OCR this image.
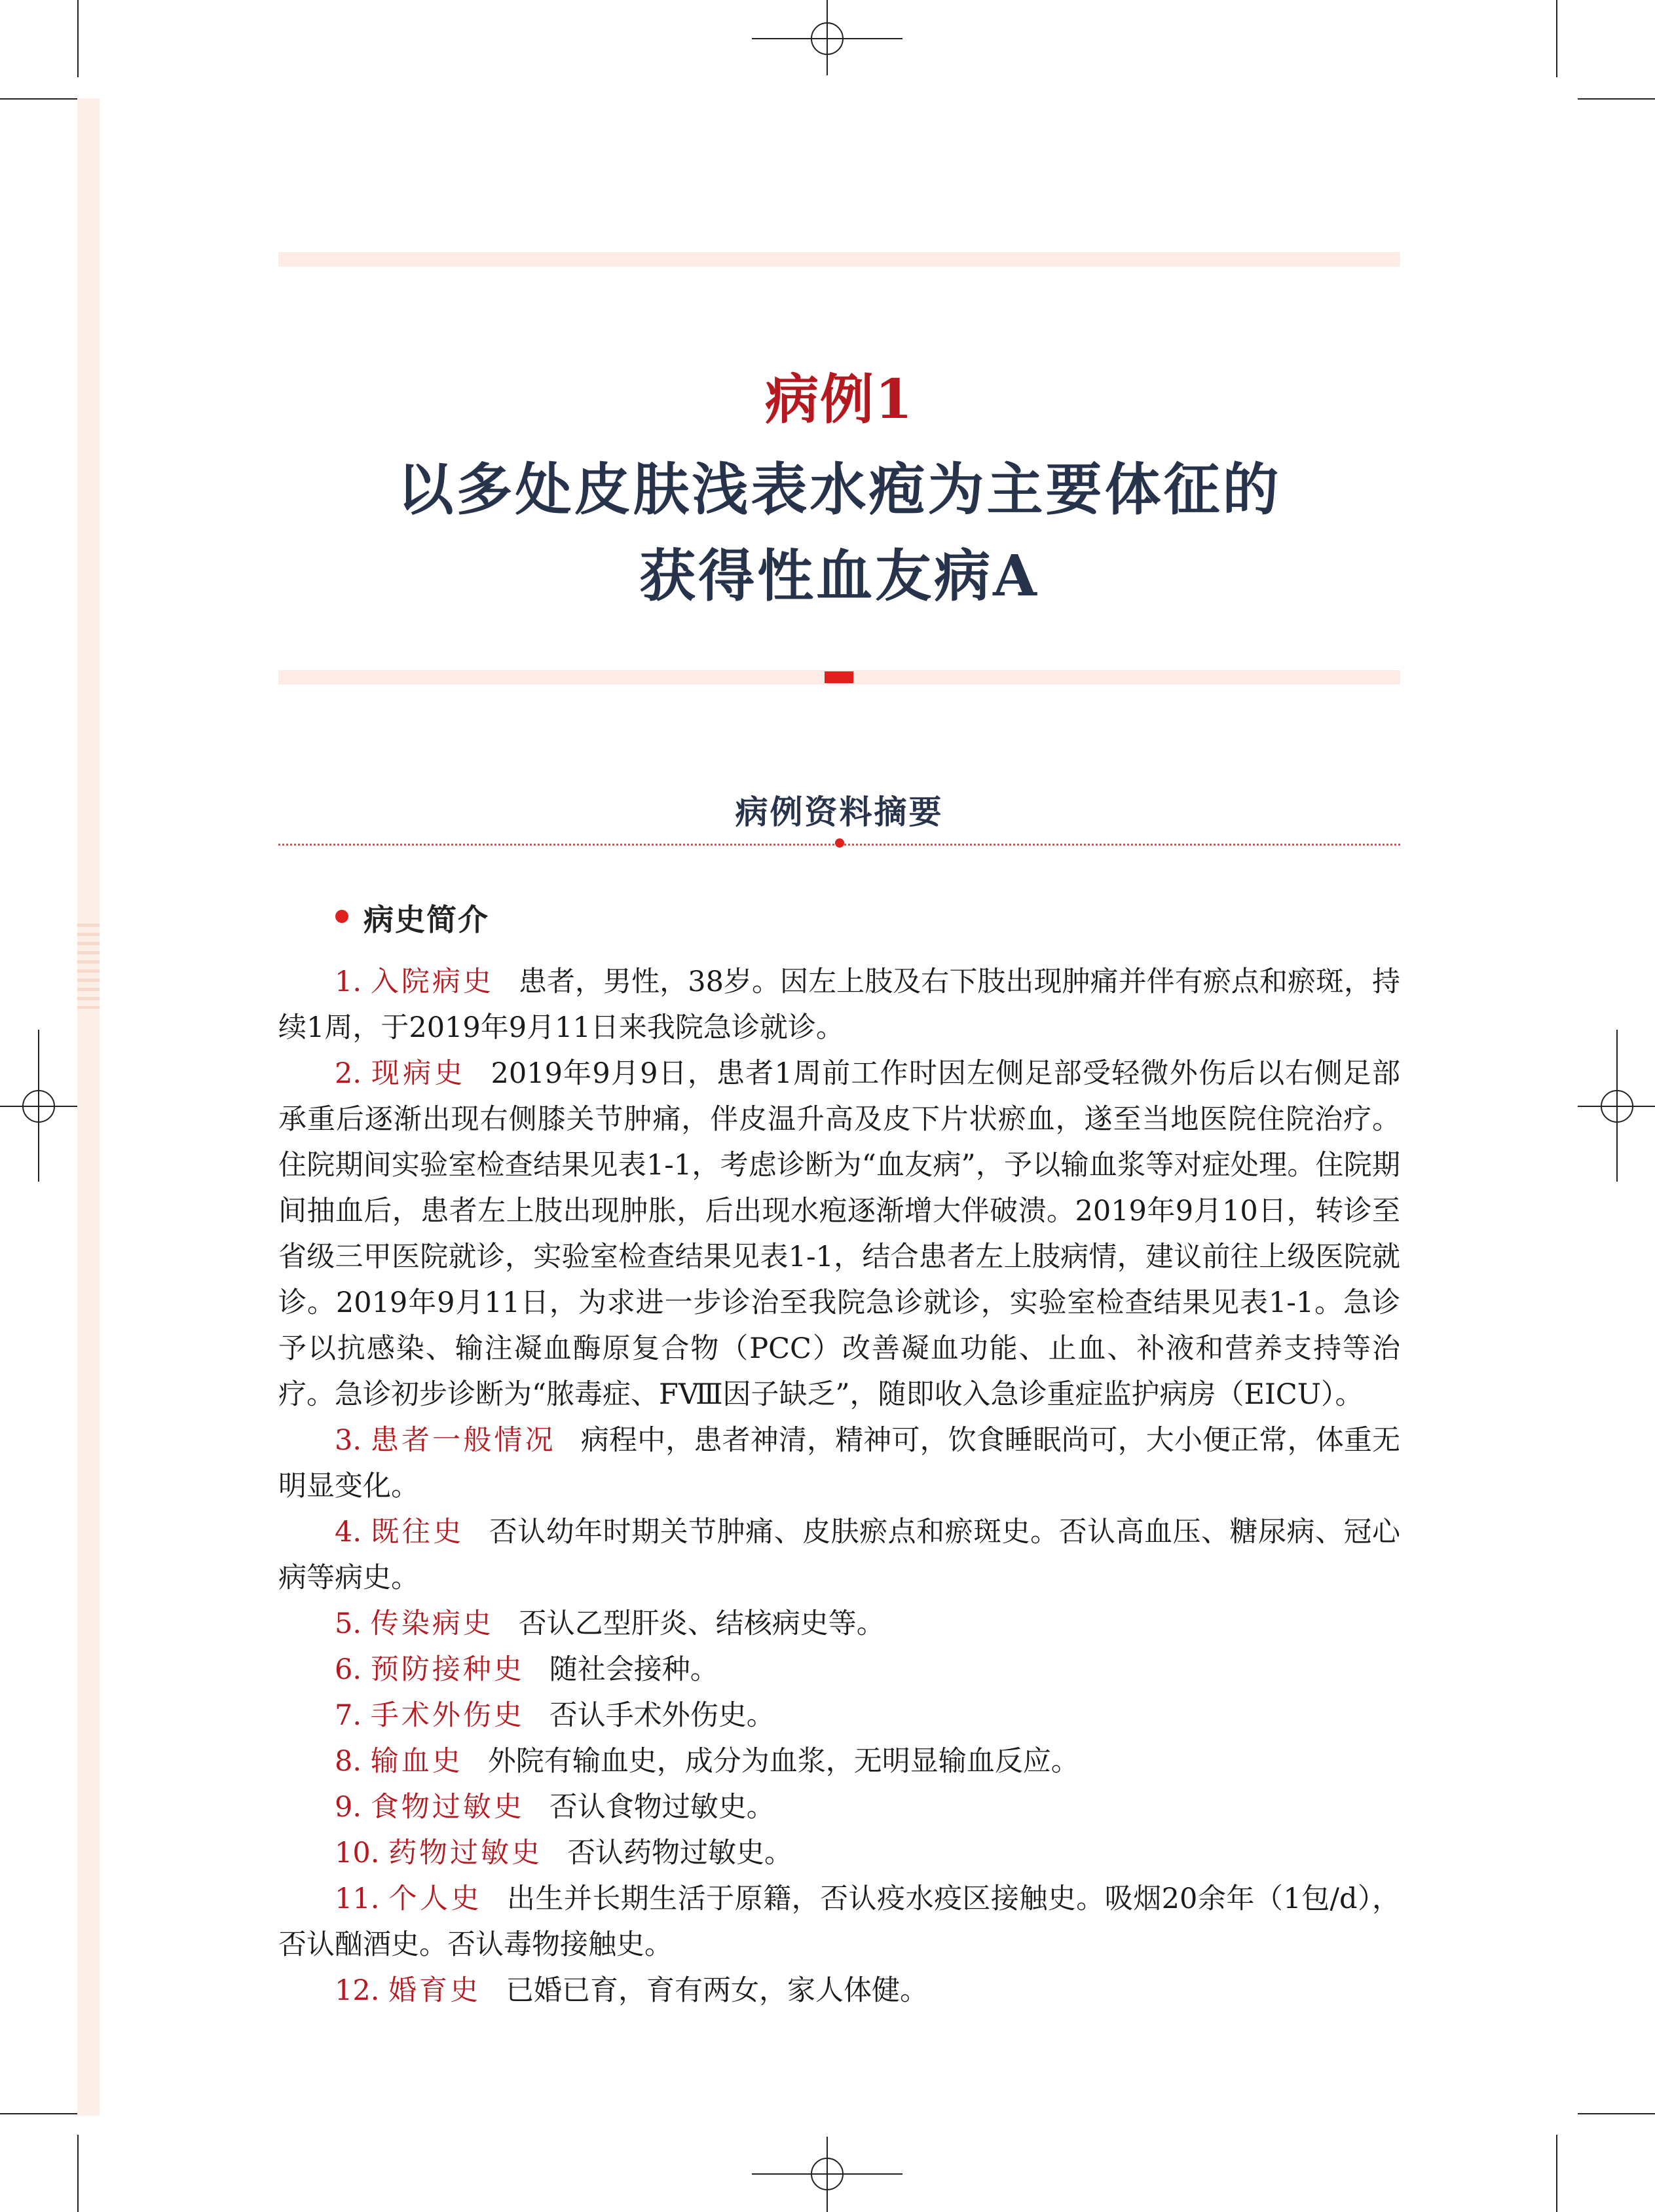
病例1
以多处皮肤浅表水疱为主要体征的
获得性血友病A
病例资料摘要
病史简介

1. 入院病史 患者，男性，38岁。因左上肢及右下肢出现肿痛并伴有瘀点和瘀斑，持续1周，于2019年9月11日来我院急诊就诊。

2. 现病史 2019年9月9日，患者1周前工作时因左侧足部受轻微外伤后以右侧足部承重后逐渐出现右侧膝关节肿痛，伴皮温升高及皮下片状瘀血，遂至当地医院住院治疗。住院期间实验室检查结果见表1-1，考虑诊断为“血友病”，予以输血浆等对症处理。住院期间抽血后，患者左上肢出现肿胀，后出现水疱逐渐增大伴破溃。2019年9月10日，转诊至省级三甲医院就诊，实验室检查结果见表1-1，结合患者左上肢病情，建议前往上级医院就诊。2019年9月11日，为求进一步诊治至我院急诊就诊，实验室检查结果见表1-1。急诊予以抗感染、输注凝血酶原复合物（PCC）改善凝血功能、止血、补液和营养支持等治疗。急诊初步诊断为“脓毒症、FⅧ因子缺乏”，随即收入急诊重症监护病房（EICU）。

3. 患者一般情况 病程中，患者神清，精神可，饮食睡眠尚可，大小便正常，体重无明显变化。

4. 既往史 否认幼年时期关节肿痛、皮肤瘀点和瘀斑史。否认高血压、糖尿病、冠心病等病史。

5. 传染病史 否认乙型肝炎、结核病史等。

6. 预防接种史 随社会接种。

7. 手术外伤史 否认手术外伤史。

8. 输血史 外院有输血史，成分为血浆，无明显输血反应。

9. 食物过敏史 否认食物过敏史。

10. 药物过敏史 否认药物过敏史。

11. 个人史 出生并长期生活于原籍，否认疫水疫区接触史。吸烟20余年（1包/d），否认酗酒史。否认毒物接触史。

12. 婚育史 已婚已育，育有两女，家人体健。
